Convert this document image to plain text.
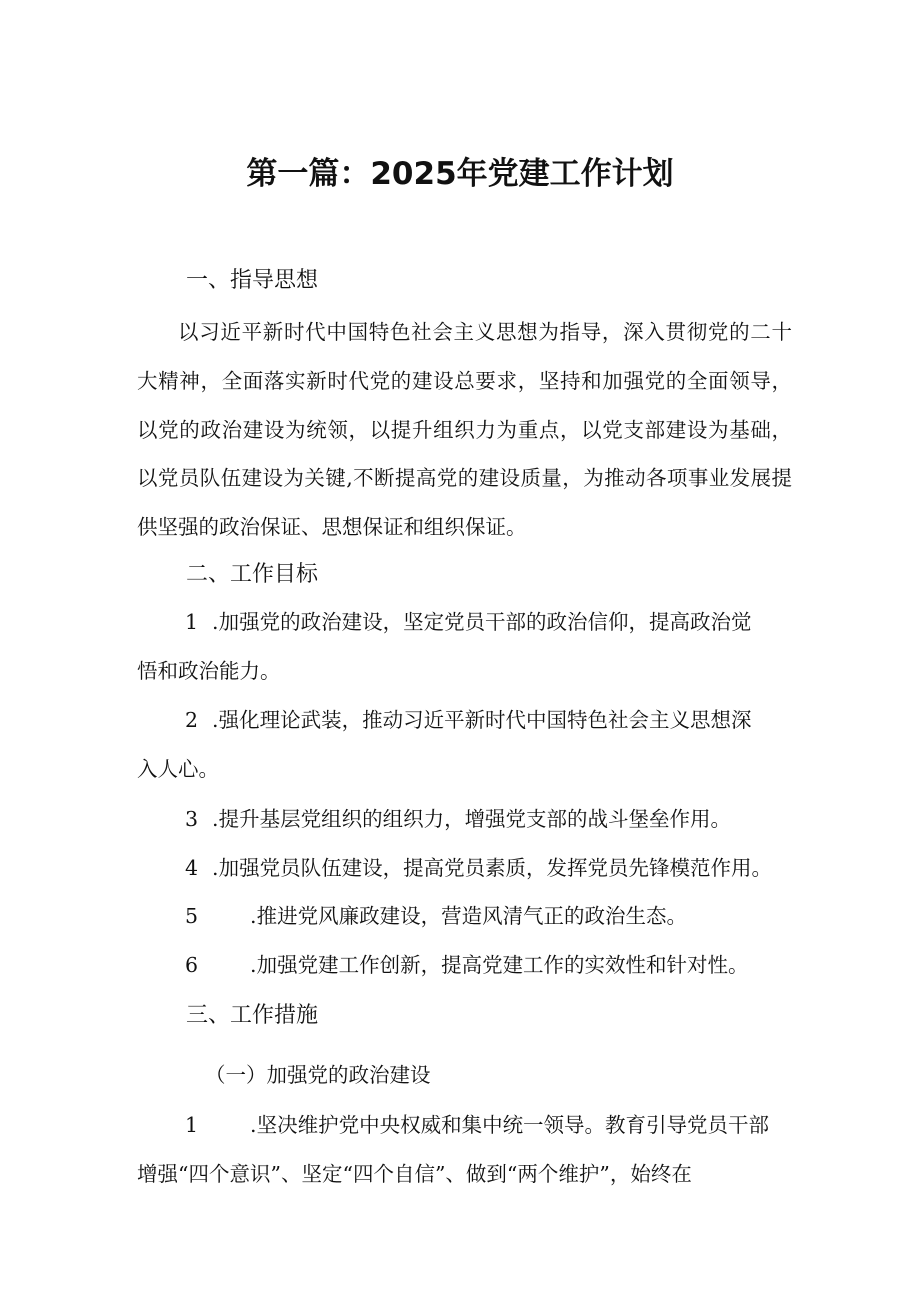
第一篇：2025年党建工作计划
一、指导思想
以习近平新时代中国特色社会主义思想为指导，深入贯彻党的二十大精神，全面落实新时代党的建设总要求，坚持和加强党的全面领导，以党的政治建设为统领，以提升组织力为重点，以党支部建设为基础，以党员队伍建设为关键,不断提高党的建设质量，为推动各项事业发展提供坚强的政治保证、思想保证和组织保证。
二、工作目标
1 .加强党的政治建设，坚定党员干部的政治信仰，提高政治觉
悟和政治能力。
2 .强化理论武装，推动习近平新时代中国特色社会主义思想深
入人心。
3 .提升基层党组织的组织力，增强党支部的战斗堡垒作用。
4 .加强党员队伍建设，提高党员素质，发挥党员先锋模范作用。
5	.推进党风廉政建设，营造风清气正的政治生态。
6	.加强党建工作创新，提高党建工作的实效性和针对性。
三、工作措施
（一）加强党的政治建设
1	.坚决维护党中央权威和集中统一领导。教育引导党员干部
增强“四个意识”、坚定“四个自信”、做到“两个维护”，始终在
